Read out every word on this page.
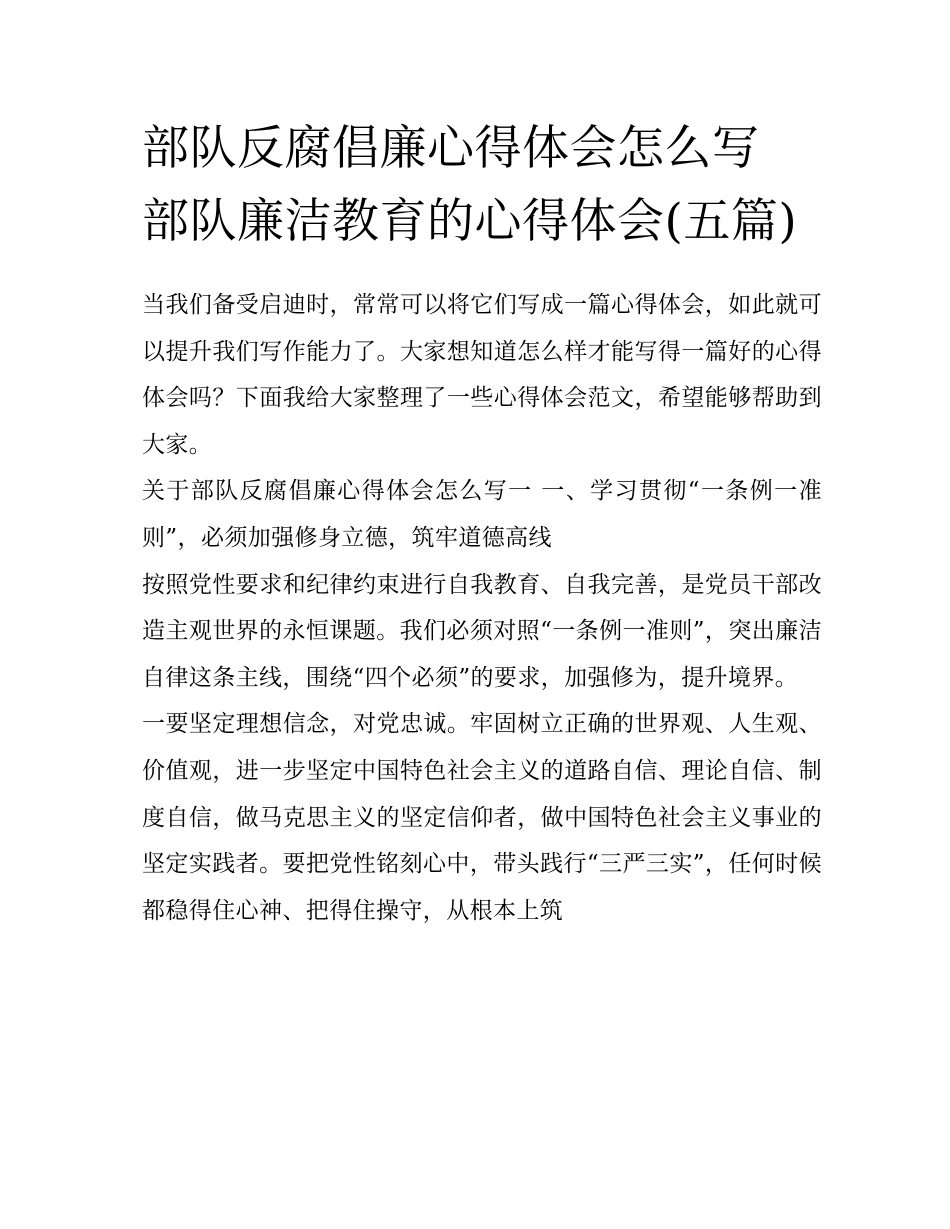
部队反腐倡廉心得体会怎么写 部队廉洁教育的心得体会(五篇)

当我们备受启迪时，常常可以将它们写成一篇心得体会，如此就可以提升我们写作能力了。大家想知道怎么样才能写得一篇好的心得体会吗？下面我给大家整理了一些心得体会范文，希望能够帮助到大家。

关于部队反腐倡廉心得体会怎么写一 一、学习贯彻“一条例一准则”，必须加强修身立德，筑牢道德高线

按照党性要求和纪律约束进行自我教育、自我完善，是党员干部改造主观世界的永恒课题。我们必须对照“一条例一准则”，突出廉洁自律这条主线，围绕“四个必须”的要求，加强修为，提升境界。

一要坚定理想信念，对党忠诚。牢固树立正确的世界观、人生观、价值观，进一步坚定中国特色社会主义的道路自信、理论自信、制度自信，做马克思主义的坚定信仰者，做中国特色社会主义事业的坚定实践者。要把党性铭刻心中，带头践行“三严三实”，任何时候都稳得住心神、把得住操守，从根本上筑
